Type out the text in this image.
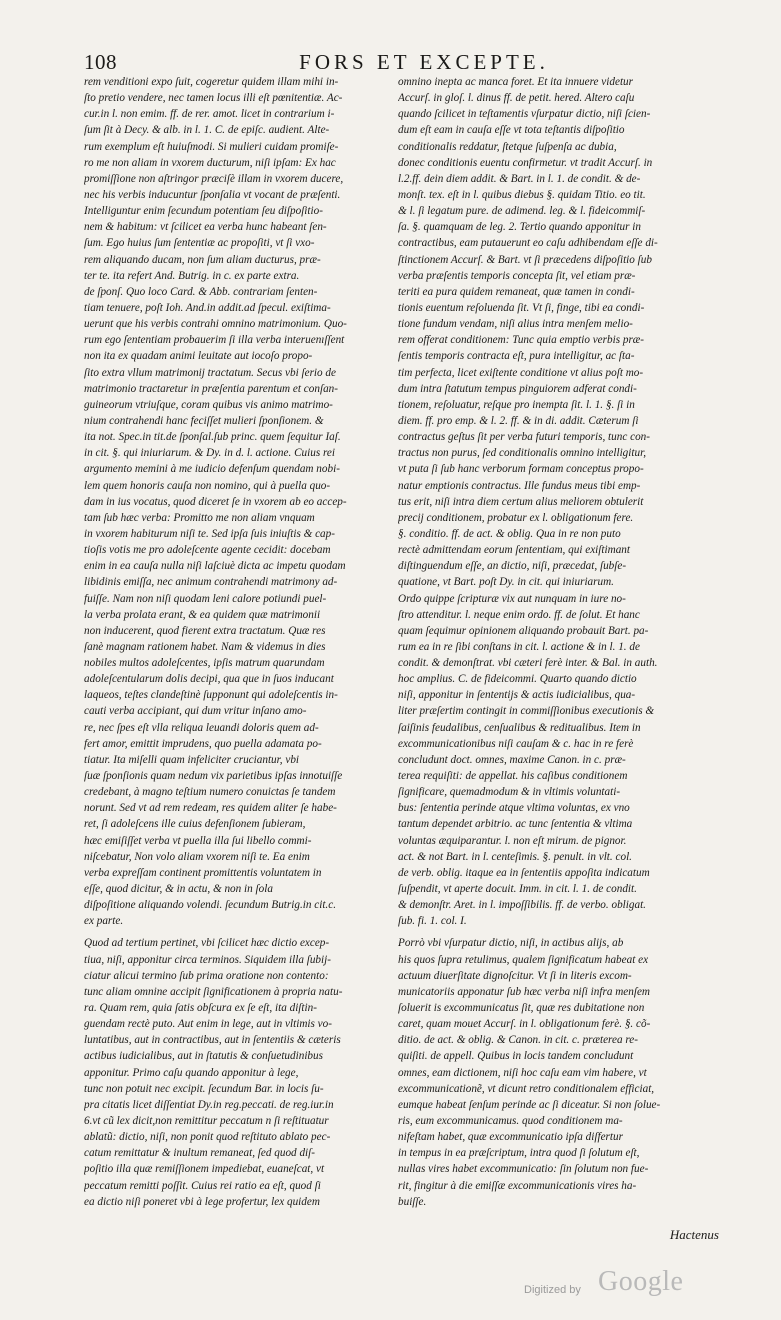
108	FORS ET EXCEPTE.
rem venditioni expo ſuit, cogeretur quidem illam mihi in-
ſto pretio vendere, nec tamen locus illi eſt pœnitentiæ. Ac-
cur.in l. non emim. ff. de rer. amot. licet in contrarium i-
ſum ſit à Decy. & alb. in l. 1. C. de epiſc. audient. Alte-
rum exemplum eſt huiuſmodi. Si mulieri cuidam promiſe-
ro me non aliam in vxorem ducturum, niſi ipſam: Ex hac
promiſſione non aſtringor præciſè illam in vxorem ducere,
nec his verbis inducuntur ſponſalia vt vocant de præſenti.
Intelliguntur enim ſecundum potentiam ſeu diſpoſitio-
nem & habitum: vt ſcilicet ea verba hunc habeant ſen-
ſum. Ego huius ſum ſententiæ ac propoſiti, vt ſi vxo-
rem aliquando ducam, non ſum aliam ducturus, præ-
ter te. ita refert And. Butrig. in c. ex parte extra.
de ſponſ. Quo loco Card. & Abb. contrariam ſenten-
tiam tenuere, poſt Ioh. And.in addit.ad ſpecul. exiſtima-
uerunt que his verbis contrahi omnino matrimonium. Quo-
rum ego ſententiam probauerim ſi illa verba interuenıſſent
non ita ex quadam animi leuitate aut iocoſo propo-
ſito extra vllum matrimonij tractatum. Secus vbi ſerio de
matrimonio tractaretur in præſentia parentum et conſan-
guineorum vtriuſque, coram quibus vis animo matrimo-
nium contrahendi hanc feciſſet mulieri ſponſionem. &
ita not. Spec.in tit.de ſponſal.ſub princ. quem ſequitur Iaſ.
in cit. §. qui iniuriarum. & Dy. in d. l. actione. Cuius rei
argumento memini à me iudicio defenſum quendam nobi-
lem quem honoris cauſa non nomino, qui à puella quo-
dam in ius vocatus, quod diceret ſe in vxorem ab eo accep-
tam ſub hæc verba: Promitto me non aliam vnquam
in vxorem habiturum niſi te. Sed ipſa ſuis iniuſtis & cap-
tioſis votis me pro adoleſcente agente cecidit: docebam
enim in ea cauſa nulla niſi laſciuè dicta ac impetu quodam
libidinis emiſſa, nec animum contrahendi matrimony ad-
fuiſſe. Nam non niſi quodam leni calore potiundi puel-
la verba prolata erant, & ea quidem quæ matrimonii
non inducerent, quod fierent extra tractatum. Quæ res
ſanè magnam rationem habet. Nam & videmus in dies
nobiles multos adoleſcentes, ipſis matrum quarundam
adoleſcentularum dolis decipi, qua que in ſuos inducant
laqueos, teſtes clandeſtinè ſupponunt qui adoleſcentis in-
cauti verba accipiant, qui dum vritur inſano amo-
re, nec ſpes eſt vlla reliqua leuandi doloris quem ad-
fert amor, emittit imprudens, quo puella adamata po-
tiatur. Ita miſelli quam infeliciter cruciantur, vbi
ſuæ ſponſionis quam nedum vix parietibus ipſas innotuiſſe
credebant, à magno teſtium numero conuictas ſe tandem
norunt. Sed vt ad rem redeam, res quidem aliter ſe habe-
ret, ſi adoleſcens ille cuius defenſionem ſubieram,
hæc emiſiſſet verba vt puella illa ſui libello commi-
niſcebatur, Non volo aliam vxorem niſi te. Ea enim
verba expreſſam continent promittentis voluntatem in
eſſe, quod dicitur, & in actu, & non in ſola
diſpoſitione aliquando volendi. ſecundum Butrig.in cit.c.
ex parte.
Quod ad tertium pertinet, vbi ſcilicet hæc dictio excep-
tiua, niſi, apponitur circa terminos. Siquidem illa ſubij-
ciatur alicui termino ſub prima oratione non contento:
tunc aliam omnine accipit ſignificationem à propria natu-
ra. Quam rem, quia ſatis obſcura ex ſe eſt, ita diſtin-
guendam rectè puto. Aut enim in lege, aut in vltimis vo-
luntatibus, aut in contractibus, aut in ſententiis & cæteris
actibus iudicialibus, aut in ſtatutis & conſuetudinibus
apponitur. Primo caſu quando apponitur à lege,
tunc non potuit nec excipit. ſecundum Bar. in locis ſu-
pra citatis licet diſſentiat Dy.in reg.peccati. de reg.iur.in
6.vt cũ lex dicit,non remittitur peccatum n ſi reſtituatur
ablatũ: dictio, niſi, non ponit quod reſtituto ablato pec-
catum remittatur & inultum remaneat, ſed quod diſ-
poſitio illa quæ remiſſionem impediebat, euaneſcat, vt
peccatum remitti poſſit. Cuius rei ratio ea eſt, quod ſi
ea dictio niſi poneret vbi à lege profertur, lex quidem
omnino inepta ac manca foret. Et ita innuere videtur
Accurſ. in gloſ. l. dinus ff. de petit. hered. Altero caſu
quando ſcilicet in teſtamentis vſurpatur dictio, niſi ſcien-
dum eſt eam in cauſa eſſe vt tota teſtantis diſpoſitio
conditionalis reddatur, ſtetque ſuſpenſa ac dubia,
donec conditionis euentu confirmetur. vt tradit Accurſ. in
l.2.ff. dein diem addit. & Bart. in l. 1. de condit. & de-
monſt. tex. eſt in l. quibus diebus §. quidam Titio. eo tit.
& l. ſi legatum pure. de adimend. leg. & l. fideicommiſ-
ſa. §. quamquam de leg. 2. Tertio quando apponitur in
contractibus, eam putauerunt eo caſu adhibendam eſſe di-
ſtinctionem Accurſ. & Bart. vt ſi præcedens diſpoſitio ſub
verba præſentis temporis concepta ſit, vel etiam præ-
teriti ea pura quidem remaneat, quæ tamen in condi-
tionis euentum reſoluenda ſit. Vt ſi, finge, tibi ea condi-
tione fundum vendam, niſi alius intra menſem melio-
rem offerat conditionem: Tunc quia emptio verbis præ-
ſentis temporis contracta eſt, pura intelligitur, ac ſta-
tim perfecta, licet exiſtente conditione vt alius poſt mo-
dum intra ſtatutum tempus pinguiorem adferat condi-
tionem, reſoluatur, reſque pro inempta ſit. l. 1. §. ſi in
diem. ff. pro emp. & l. 2. ff. & in di. addit. Cæterum ſi
contractus geſtus ſit per verba futuri temporis, tunc con-
tractus non purus, ſed conditionalis omnino intelligitur,
vt puta ſi ſub hanc verborum formam conceptus propo-
natur emptionis contractus. Ille fundus meus tibi emp-
tus erit, niſi intra diem certum alius meliorem obtulerit
precij conditionem, probatur ex l. obligationum fere.
§. conditio. ff. de act. & oblig. Qua in re non puto
rectè admittendam eorum ſententiam, qui exiſtimant
diſtinguendum eſſe, an dictio, niſi, præcedat, ſubſe-
quatione, vt Bart. poſt Dy. in cit. qui iniuriarum.
Ordo quippe ſcripturæ vix aut nunquam in iure no-
ſtro attenditur. l. neque enim ordo. ff. de ſolut. Et hanc
quam ſequimur opinionem aliquando probauit Bart. pa-
rum ea in re ſibi conſtans in cit. l. actione & in l. 1. de
condit. & demonſtrat. vbi cæteri ferè inter. & Bal. in auth.
hoc amplius. C. de fideicommi. Quarto quando dictio
niſi, apponitur in ſententijs & actis iudicialibus, qua-
liter præſertim contingit in commiſſionibus executionis &
ſaiſinis feudalibus, cenſualibus & reditualibus. Item in
excommunicationibus niſi cauſam & c. hac in re ferè
concludunt doct. omnes, maxime Canon. in c. præ-
terea requiſiti: de appellat. his caſibus conditionem
ſignificare, quemadmodum & in vltimis voluntati-
bus: ſententia perinde atque vltima voluntas, ex vno
tantum dependet arbitrio. ac tunc ſententia & vltima
voluntas æquiparantur. l. non eſt mirum. de pignor.
act. & not Bart. in l. centeſimis. §. penult. in vlt. col.
de verb. oblig. itaque ea in ſententiis appoſita indicatum
ſuſpendit, vt aperte docuit. Imm. in cit. l. 1. de condit.
& demonſtr. Aret. in l. impoſſibilis. ff. de verbo. obligat.
ſub. fi. 1. col. I.
Porrò vbi vſurpatur dictio, niſi, in actibus alijs, ab
his quos ſupra retulimus, qualem ſignificatum habeat ex
actuum diuerſitate dignoſcitur. Vt ſi in literis excom-
municatoriis apponatur ſub hæc verba niſi infra menſem
ſoluerit is excommunicatus ſit, quæ res dubitatione non
caret, quam mouet Accurſ. in l. obligationum ferè. §. cõ-
ditio. de act. & oblig. & Canon. in cit. c. præterea re-
quiſiti. de appell. Quibus in locis tandem concludunt
omnes, eam dictionem, niſi hoc caſu eam vim habere, vt
excommunicationẽ, vt dicunt retro conditionalem efficiat,
eumque habeat ſenſum perinde ac ſi diceatur. Si non ſolue-
ris, eum excommunicamus. quod conditionem ma-
nifeſtam habet, quæ excommunicatio ipſa diſfertur
in tempus in ea præſcriptum, intra quod ſi ſolutum eſt,
nullas vires habet excommunicatio: ſin ſolutum non fue-
rit, fingitur à die emiſſæ excommunicationis vires ha-
buiſſe.
Hactenus
Digitized by Google
